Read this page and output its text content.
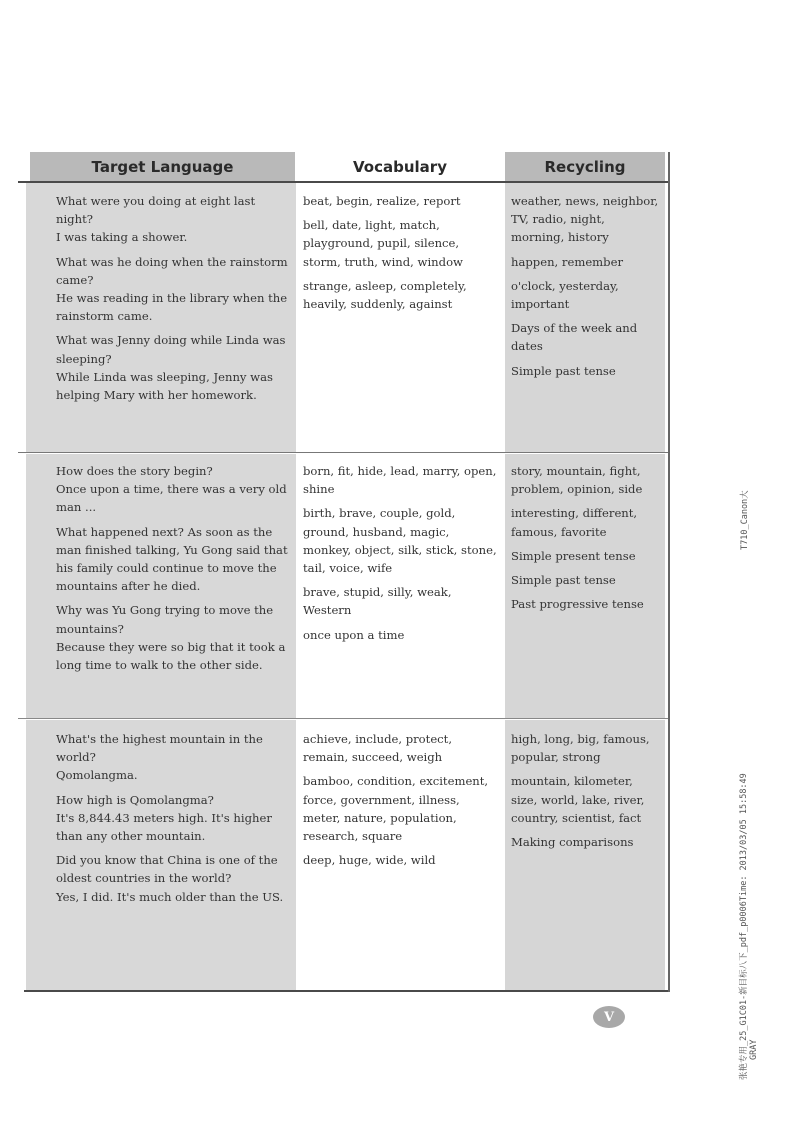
Target Language	Vocabulary	Recycling

What were you doing at eight last night?
I was taking a shower.

What was he doing when the rainstorm came?
He was reading in the library when the rainstorm came.

What was Jenny doing while Linda was sleeping?
While Linda was sleeping, Jenny was helping Mary with her homework.

beat, begin, realize, report

bell, date, light, match, playground, pupil, silence, storm, truth, wind, window

strange, asleep, completely, heavily, suddenly, against

weather, news, neighbor, TV, radio, night, morning, history

happen, remember

o'clock, yesterday, important

Days of the week and dates

Simple past tense

How does the story begin?
Once upon a time, there was a very old man ...

What happened next? As soon as the man finished talking, Yu Gong said that his family could continue to move the mountains after he died.

Why was Yu Gong trying to move the mountains?
Because they were so big that it took a long time to walk to the other side.

born, fit, hide, lead, marry, open, shine

birth, brave, couple, gold, ground, husband, magic, monkey, object, silk, stick, stone, tail, voice, wife

brave, stupid, silly, weak, Western

once upon a time

story, mountain, fight, problem, opinion, side

interesting, different, famous, favorite

Simple present tense

Simple past tense

Past progressive tense

What's the highest mountain in the world?
Qomolangma.

How high is Qomolangma?
It's 8,844.43 meters high. It's higher than any other mountain.

Did you know that China is one of the oldest countries in the world?
Yes, I did. It's much older than the US.

achieve, include, protect, remain, succeed, weigh

bamboo, condition, excitement, force, government, illness, meter, nature, population, research, square

deep, huge, wide, wild

high, long, big, famous, popular, strong

mountain, kilometer, size, world, lake, river, country, scientist, fact

Making comparisons

V
T710_Canon大
张艳专用_25_G1C01-新目标八下_pdf_p0006Time: 2013/03/05 15:58:49 GRAY
